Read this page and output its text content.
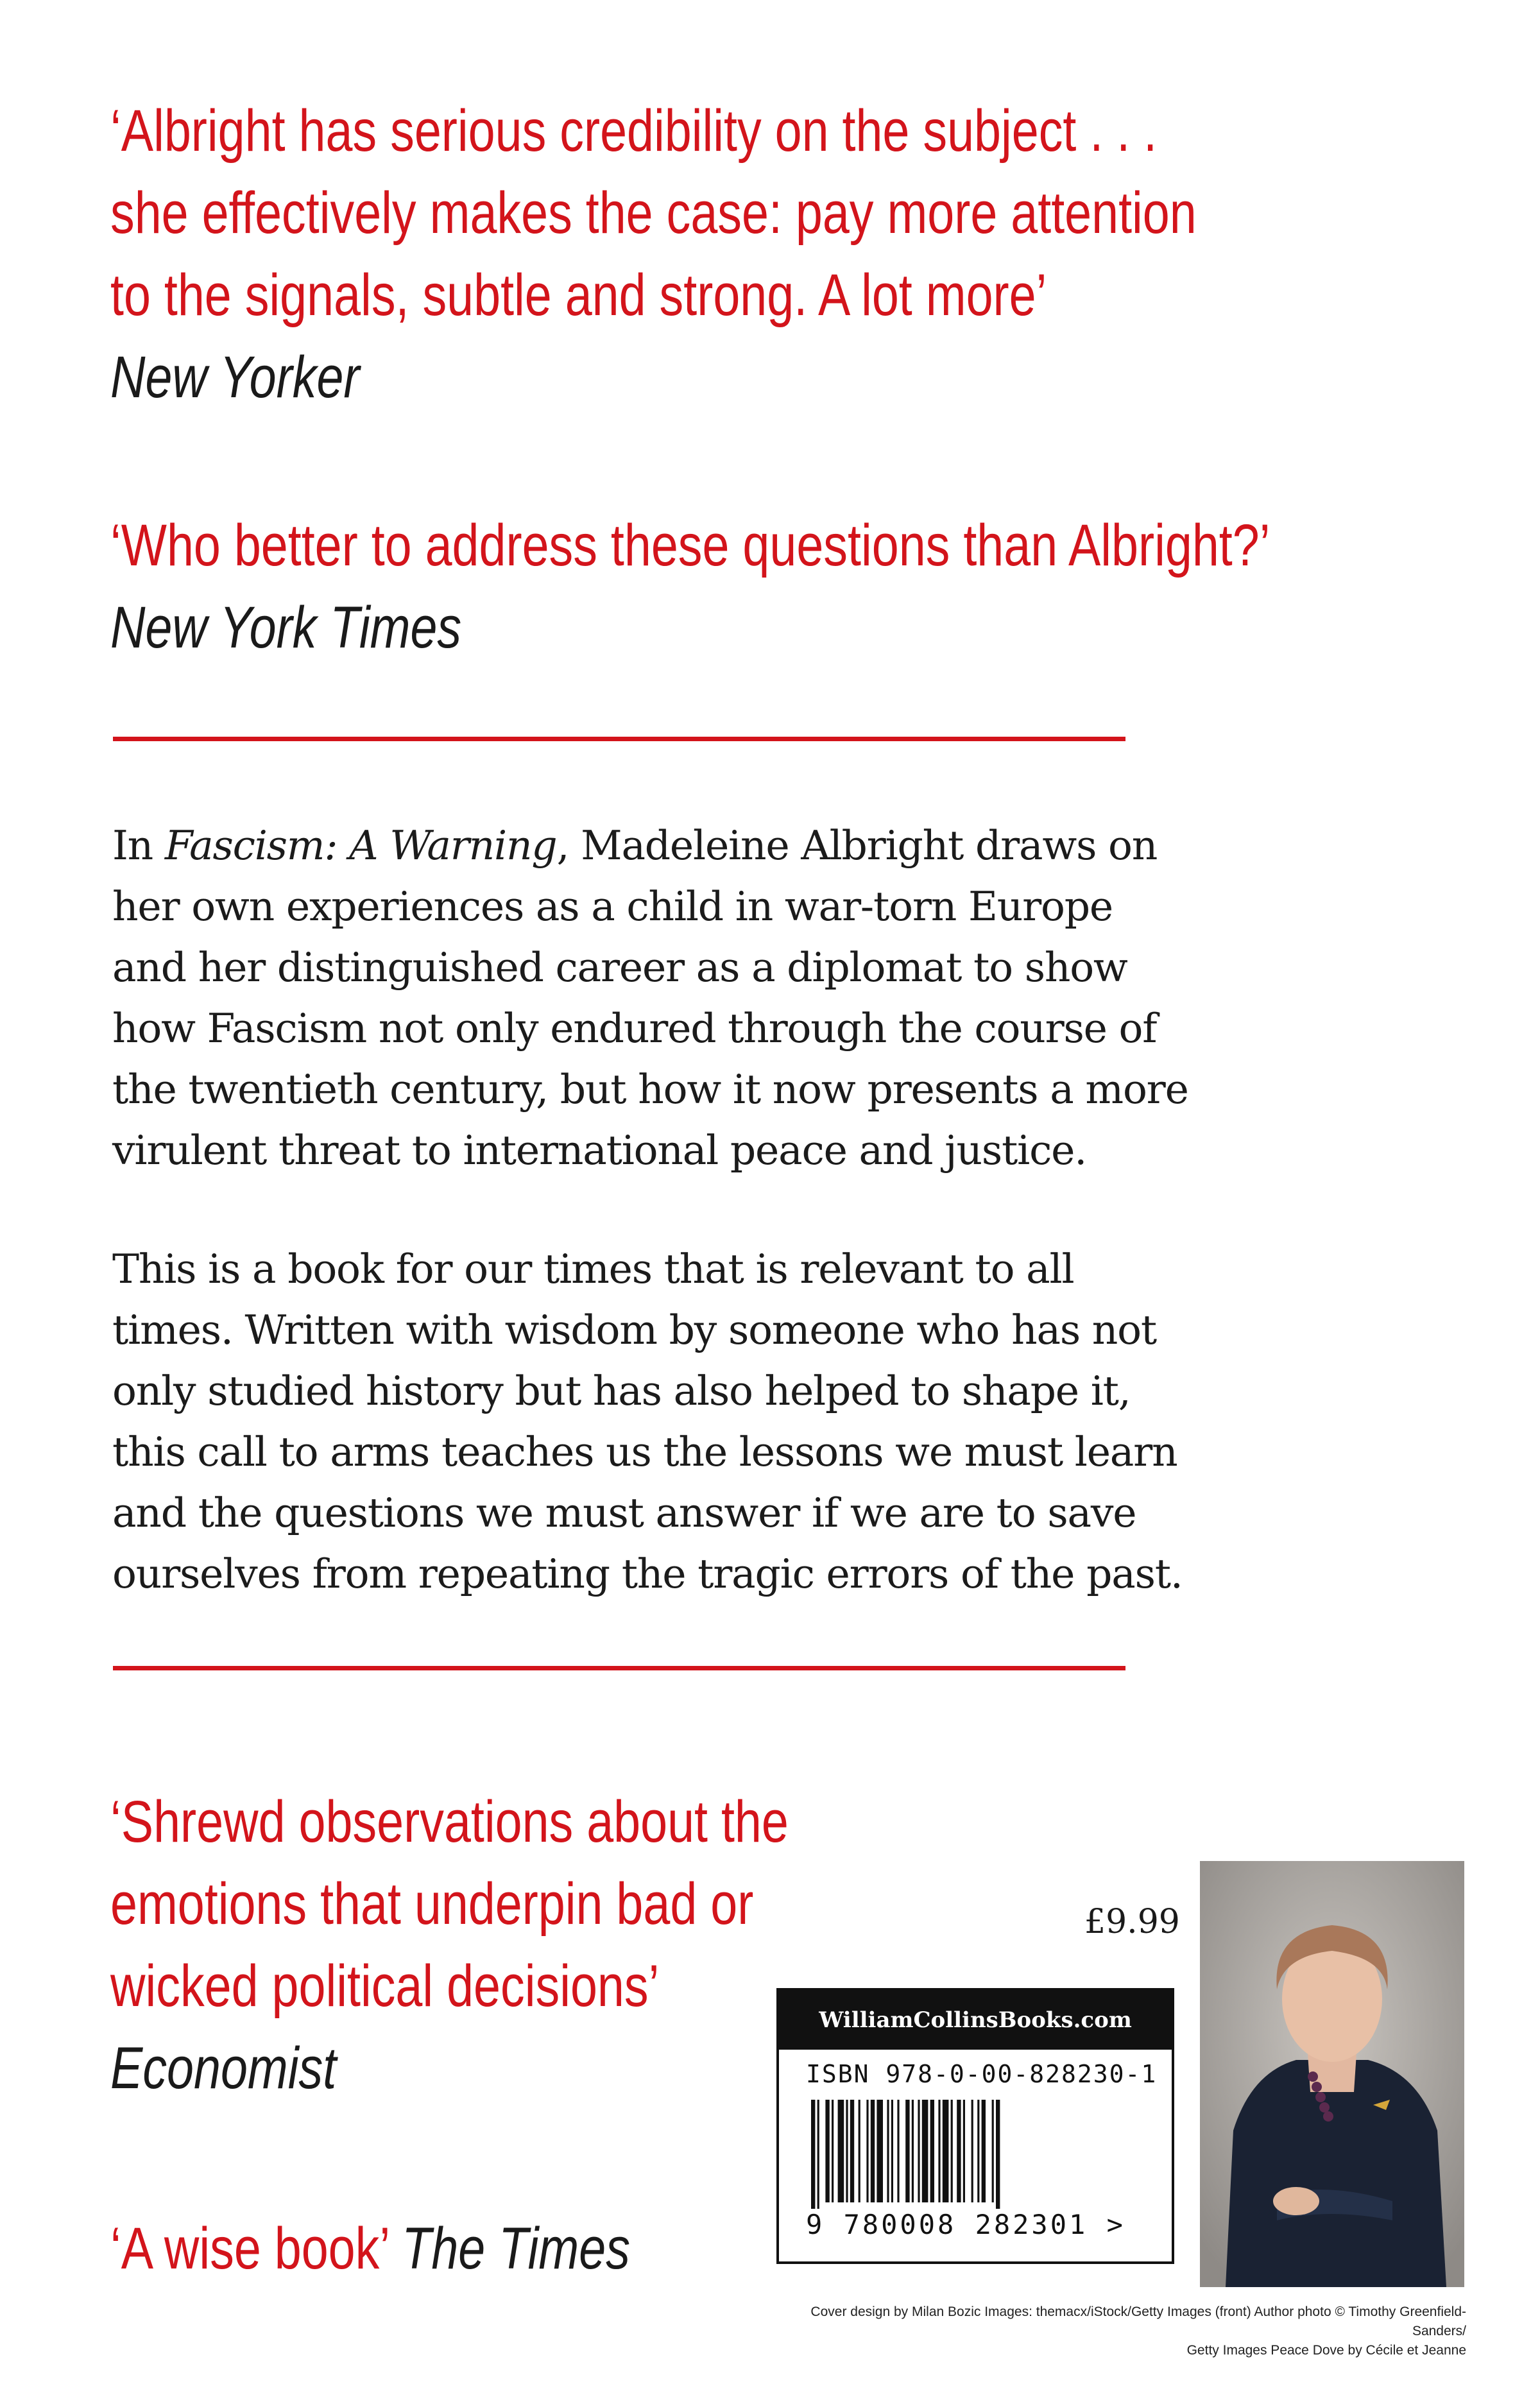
‘Albright has serious credibility on the subject . . .
she effectively makes the case: pay more attention
to the signals, subtle and strong. A lot more’
New Yorker
‘Who better to address these questions than Albright?’
New York Times
In Fascism: A Warning, Madeleine Albright draws on
her own experiences as a child in war-torn Europe
and her distinguished career as a diplomat to show
how Fascism not only endured through the course of
the twentieth century, but how it now presents a more
virulent threat to international peace and justice.
This is a book for our times that is relevant to all
times. Written with wisdom by someone who has not
only studied history but has also helped to shape it,
this call to arms teaches us the lessons we must learn
and the questions we must answer if we are to save
ourselves from repeating the tragic errors of the past.
‘Shrewd observations about the
emotions that underpin bad or
wicked political decisions’
Economist
‘A wise book’ The Times
£9.99
WilliamCollinsBooks.com
ISBN 978-0-00-828230-1
9 780008 282301 >
Cover design by Milan Bozic Images: themacx/iStock/Getty Images (front) Author photo © Timothy Greenfield-Sanders/
Getty Images Peace Dove by Cécile et Jeanne
